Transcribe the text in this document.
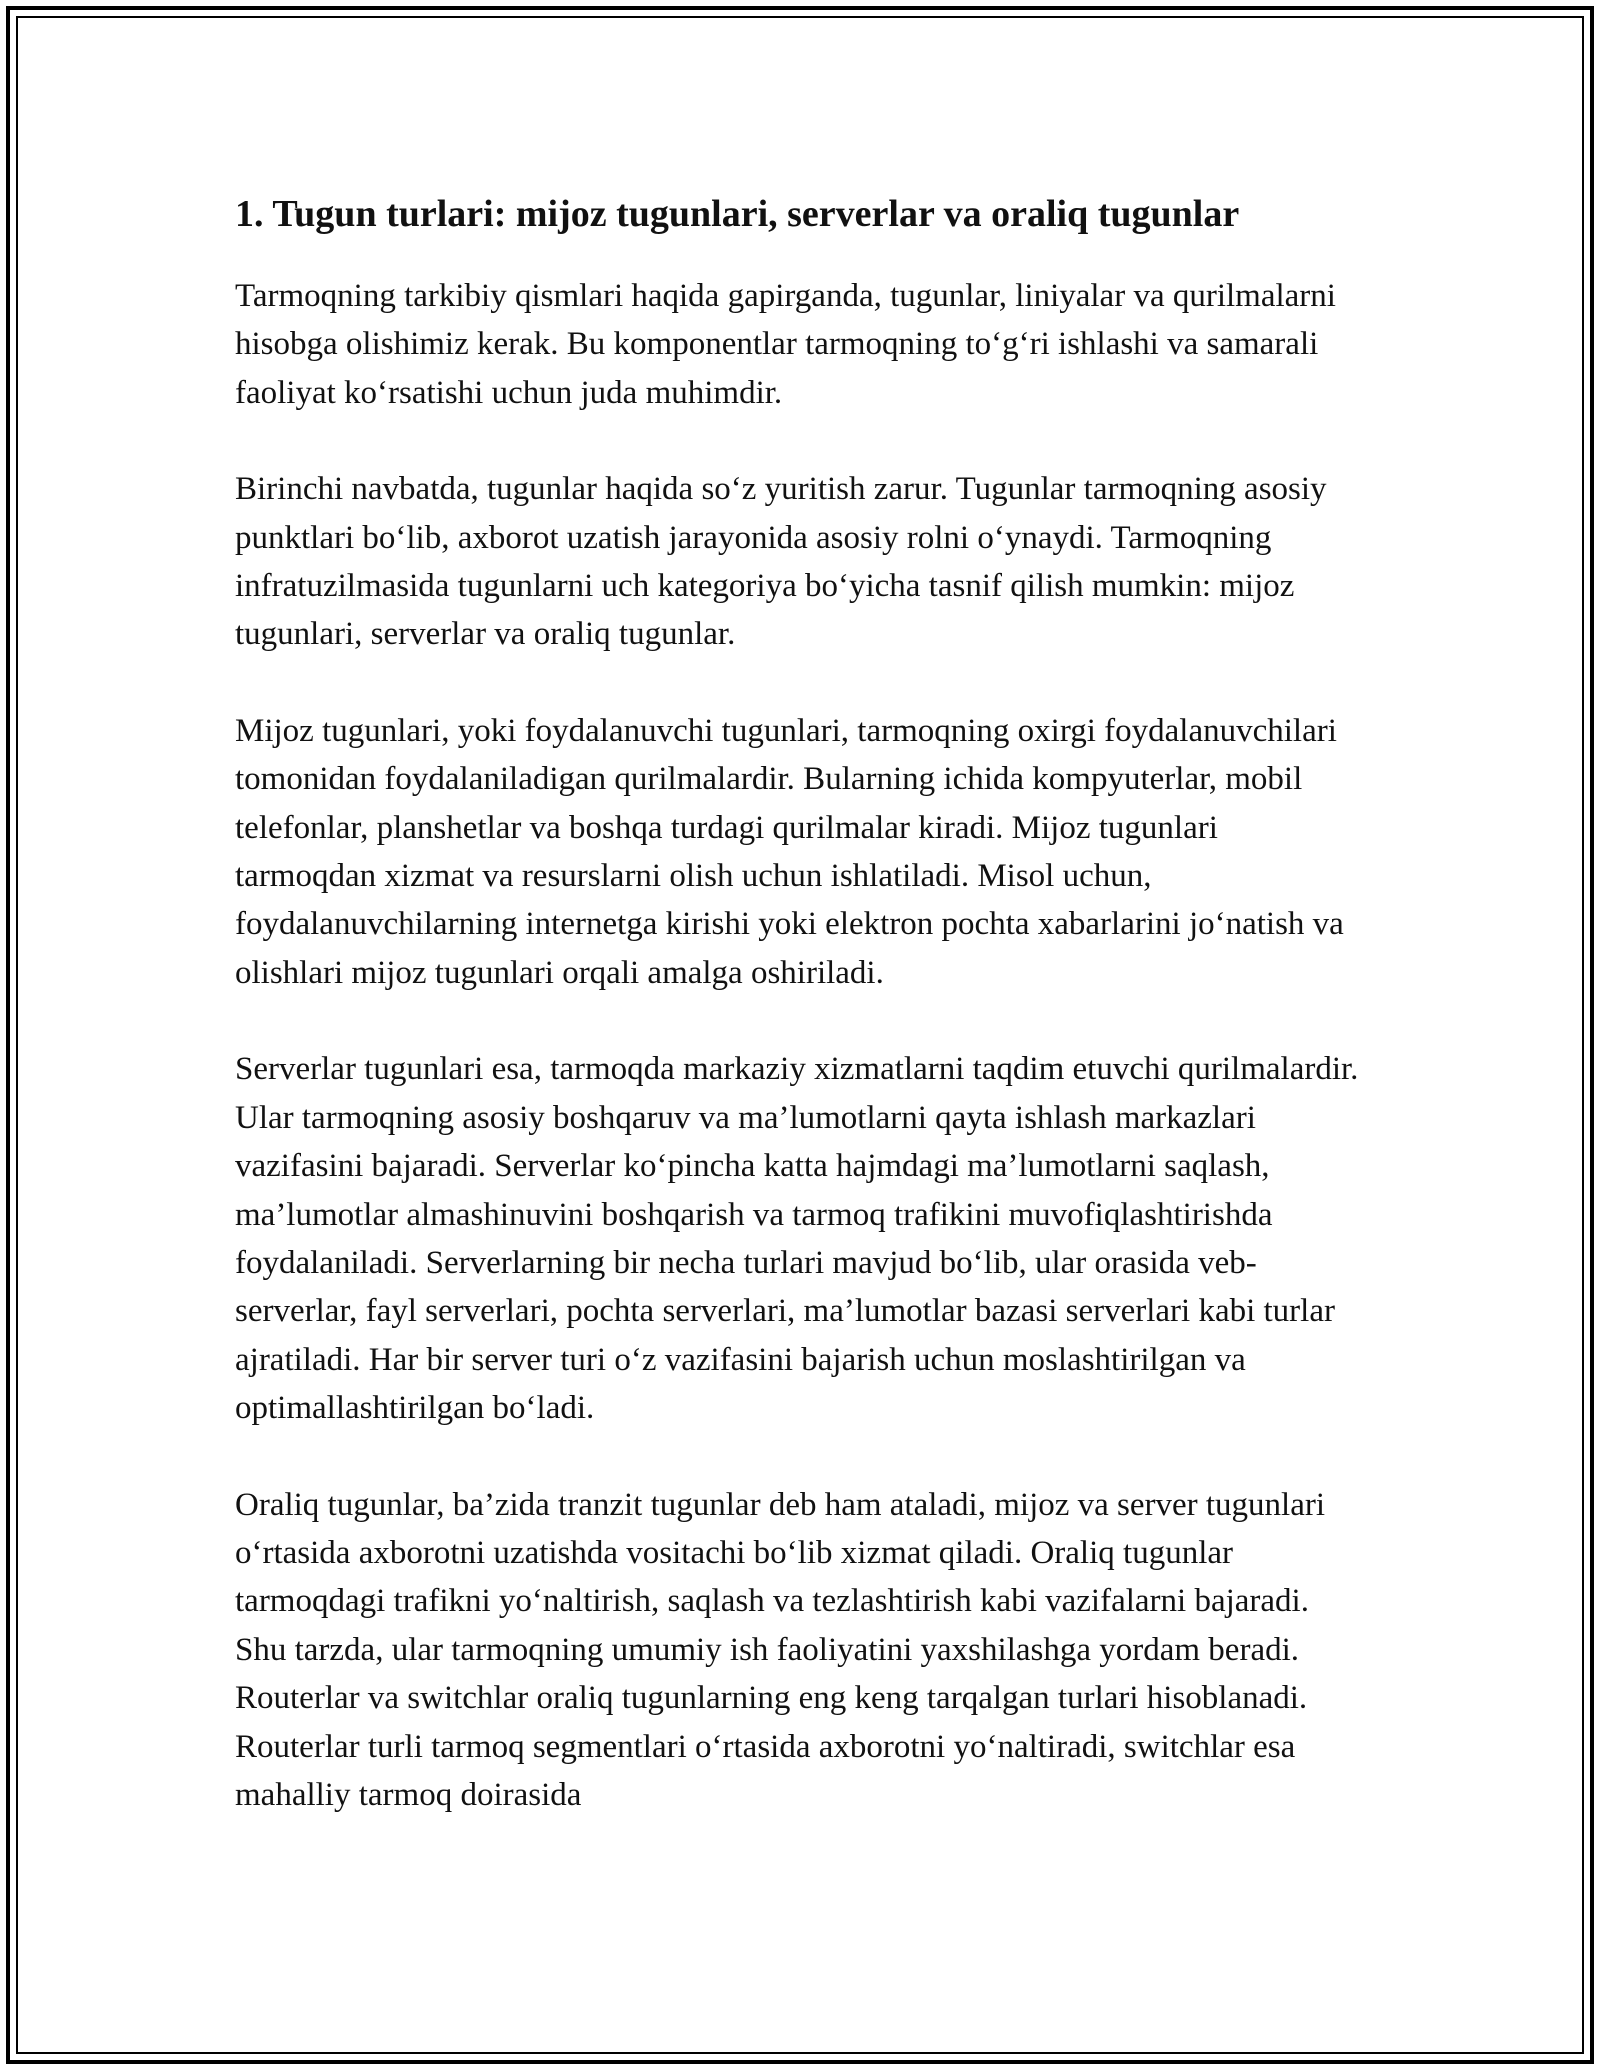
1. Tugun turlari: mijoz tugunlari, serverlar va oraliq tugunlar

Tarmoqning tarkibiy qismlari haqida gapirganda, tugunlar, liniyalar va qurilmalarni hisobga olishimiz kerak. Bu komponentlar tarmoqning to‘g‘ri ishlashi va samarali faoliyat ko‘rsatishi uchun juda muhimdir.

Birinchi navbatda, tugunlar haqida so‘z yuritish zarur. Tugunlar tarmoqning asosiy punktlari bo‘lib, axborot uzatish jarayonida asosiy rolni o‘ynaydi. Tarmoqning infratuzilmasida tugunlarni uch kategoriya bo‘yicha tasnif qilish mumkin: mijoz tugunlari, serverlar va oraliq tugunlar.

Mijoz tugunlari, yoki foydalanuvchi tugunlari, tarmoqning oxirgi foydalanuvchilari tomonidan foydalaniladigan qurilmalardir. Bularning ichida kompyuterlar, mobil telefonlar, planshetlar va boshqa turdagi qurilmalar kiradi. Mijoz tugunlari tarmoqdan xizmat va resurslarni olish uchun ishlatiladi. Misol uchun, foydalanuvchilarning internetga kirishi yoki elektron pochta xabarlarini jo‘natish va olishlari mijoz tugunlari orqali amalga oshiriladi.

Serverlar tugunlari esa, tarmoqda markaziy xizmatlarni taqdim etuvchi qurilmalardir. Ular tarmoqning asosiy boshqaruv va ma’lumotlarni qayta ishlash markazlari vazifasini bajaradi. Serverlar ko‘pincha katta hajmdagi ma’lumotlarni saqlash, ma’lumotlar almashinuvini boshqarish va tarmoq trafikini muvofiqlashtirishda foydalaniladi. Serverlarning bir necha turlari mavjud bo‘lib, ular orasida veb-serverlar, fayl serverlari, pochta serverlari, ma’lumotlar bazasi serverlari kabi turlar ajratiladi. Har bir server turi o‘z vazifasini bajarish uchun moslashtirilgan va optimallashtirilgan bo‘ladi.

Oraliq tugunlar, ba’zida tranzit tugunlar deb ham ataladi, mijoz va server tugunlari o‘rtasida axborotni uzatishda vositachi bo‘lib xizmat qiladi. Oraliq tugunlar tarmoqdagi trafikni yo‘naltirish, saqlash va tezlashtirish kabi vazifalarni bajaradi. Shu tarzda, ular tarmoqning umumiy ish faoliyatini yaxshilashga yordam beradi. Routerlar va switchlar oraliq tugunlarning eng keng tarqalgan turlari hisoblanadi. Routerlar turli tarmoq segmentlari o‘rtasida axborotni yo‘naltiradi, switchlar esa mahalliy tarmoq doirasida
